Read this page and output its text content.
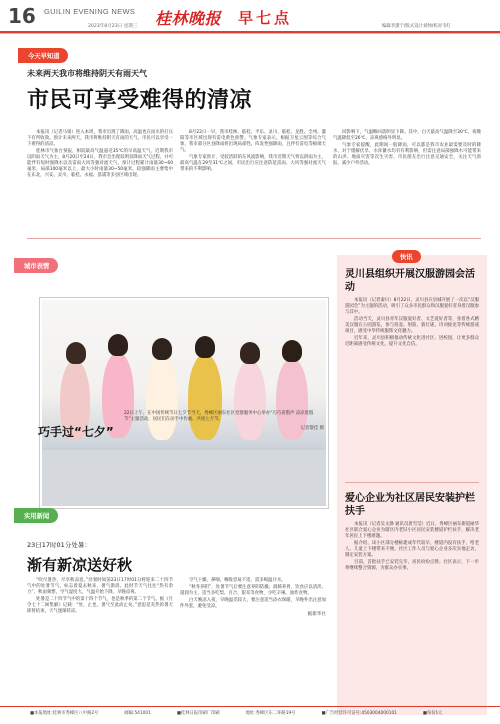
16 GUILIN EVENING NEWS
2023年8月23日 星期三 桂林晚报 早七点	编辑李潇宁/版式设计刘帅/校对韦红
今天早知道
未来两天我市将维持阴天有雨天气
市民可享受难得的清凉

本报讯（记者马娟）进入本周，我市出现了降雨，高温也在雨水的打压下有所收敛。预计未来两天，我市将维持阴天有雨的天气，市民可以享受一下难得的清凉。

桂林市气象台预报，相较最高气温逼近35℃的早高温天气，近期我市以阴雨天气为主，8月20日至24日，我市会出现较明显降雨天气过程，并可能伴有短时强降水以及雷雨大风等强对流天气，预计过程累计雨量30~60毫米，局部100毫米以上，最大小时雨量30~50毫米，较强降雨主要集中在东北，兴安、灵川、临桂、永福、荔浦等多县区域出现。

8月22日一早，我市桂林、临桂、平乐、灵川、临桂、龙胜、全州、灌阳等市区域出现有雷电黄色预警。气象专家表示，根据卫星云图等综合气象，我市部分区县降雨将出现局部性、阵发性强降雨，且伴有雷电等极端天气。

气象专家预计，受较活跃的东风波影响，我市近期天气将以阴雨为主，最高气温在29至31℃之间，市民出行应注意防范雷雨、大风等强对流天气带来的不利影响。

同影响下，气温略回落明显下降。其中，白天最高气温降至30℃，夜晚气温降低至26℃，凉爽感格外明显。

气象专家提醒，此期间一般降雨，可以都是我市农业最需要及时的降水，对于缓解伏旱、水库蓄水均有有利影响，但需注意局部强降水可能带来的山洪、地质灾害等次生灾害，市民朋友出行注意交通安全，关注天气预报，减少户外活动。

城市表情
巧手过“七夕”
22日上午，在中国传统节日七夕节当天，秀峰区丽东社区党群服务中心举办“巧巧喜鹊声 凉凉度假节”主题活动，居民们在动手中作画、共度七夕节。
记者黎佳 摄
实用新闻
23日17时01分处暑：
渐有新凉送好秋

“吹尽暑热，尽享秋凉意。”处暑时间前23日17时01分将迎来二十四节气中的处暑节气，标志着夏去秋来，暑气渐消。此时节天气往往“热有余力”，秋雨频繁，空气湿度大，气温开始下降，早晚凉爽。

处暑是二十四节气中的第十四个节气，也是秋季的第二个节气。据《月令七十二候集解》记载：“处，止也，暑气至此而止矣。”意思是炎热的暑天即将结束，天气逐渐转凉。

空气干燥，鼻咽、喉咙容易不适，需多喝温开水。

“秋冬养阴”，处暑节气后要注意养阴防燥、润肺养胃，饮食应以清淡、滋润为主，适当多吃梨、百合、银耳等食物，少吃辛辣、油炸食物。

白天晚凉入夜，早晚温差较大，要注意适当添衣保暖，早晚外出注意加件外套，避免受凉。

据新华社
快讯
灵川县组织开展汉服游园会活动

本报讯（记者秦川）8月22日，灵川县在县城开展了一次以“汉服游园会”为主题的活动，吸引了众多市民群众和汉服爱好者身着汉服参与其中。

活动当天，灵川县青年汉服爱好者、文艺爱好者等，身着各式精美汉服在公园游览，参与投壶、射箭、猜灯谜、诗词接龙等传统游戏项目，感受中华传统服饰文化魅力。

近年来，灵川县积极推动传统文化进社区、进校园，让更多群众近距离感受传统文化，提升文化自信。

爱心企业为社区居民安装护栏扶手

本报讯（记者吴文静 通讯员唐雪莹）近日，秀峰区丽东街道丽华社区联合爱心企业为辖区内老旧小区居民安装楼道护栏扶手，解决老年居民上下楼难题。

据介绍，该小区部分楼栋建成年代较早，楼道内没有扶手，给老人、儿童上下楼带来不便。社区工作人员与爱心企业多次实地走访，制定安装方案。

目前，首批扶手已安装完毕，居民纷纷点赞。社区表示，下一步将继续整合资源，为群众办实事。

■本报地址:桂林市秀峰区八中路2号	邮编:541001	■桂林日报印刷厂印刷	地址:秀峰区东二环路19号	■广告经营许可证号:4503004000101	■每份1元
